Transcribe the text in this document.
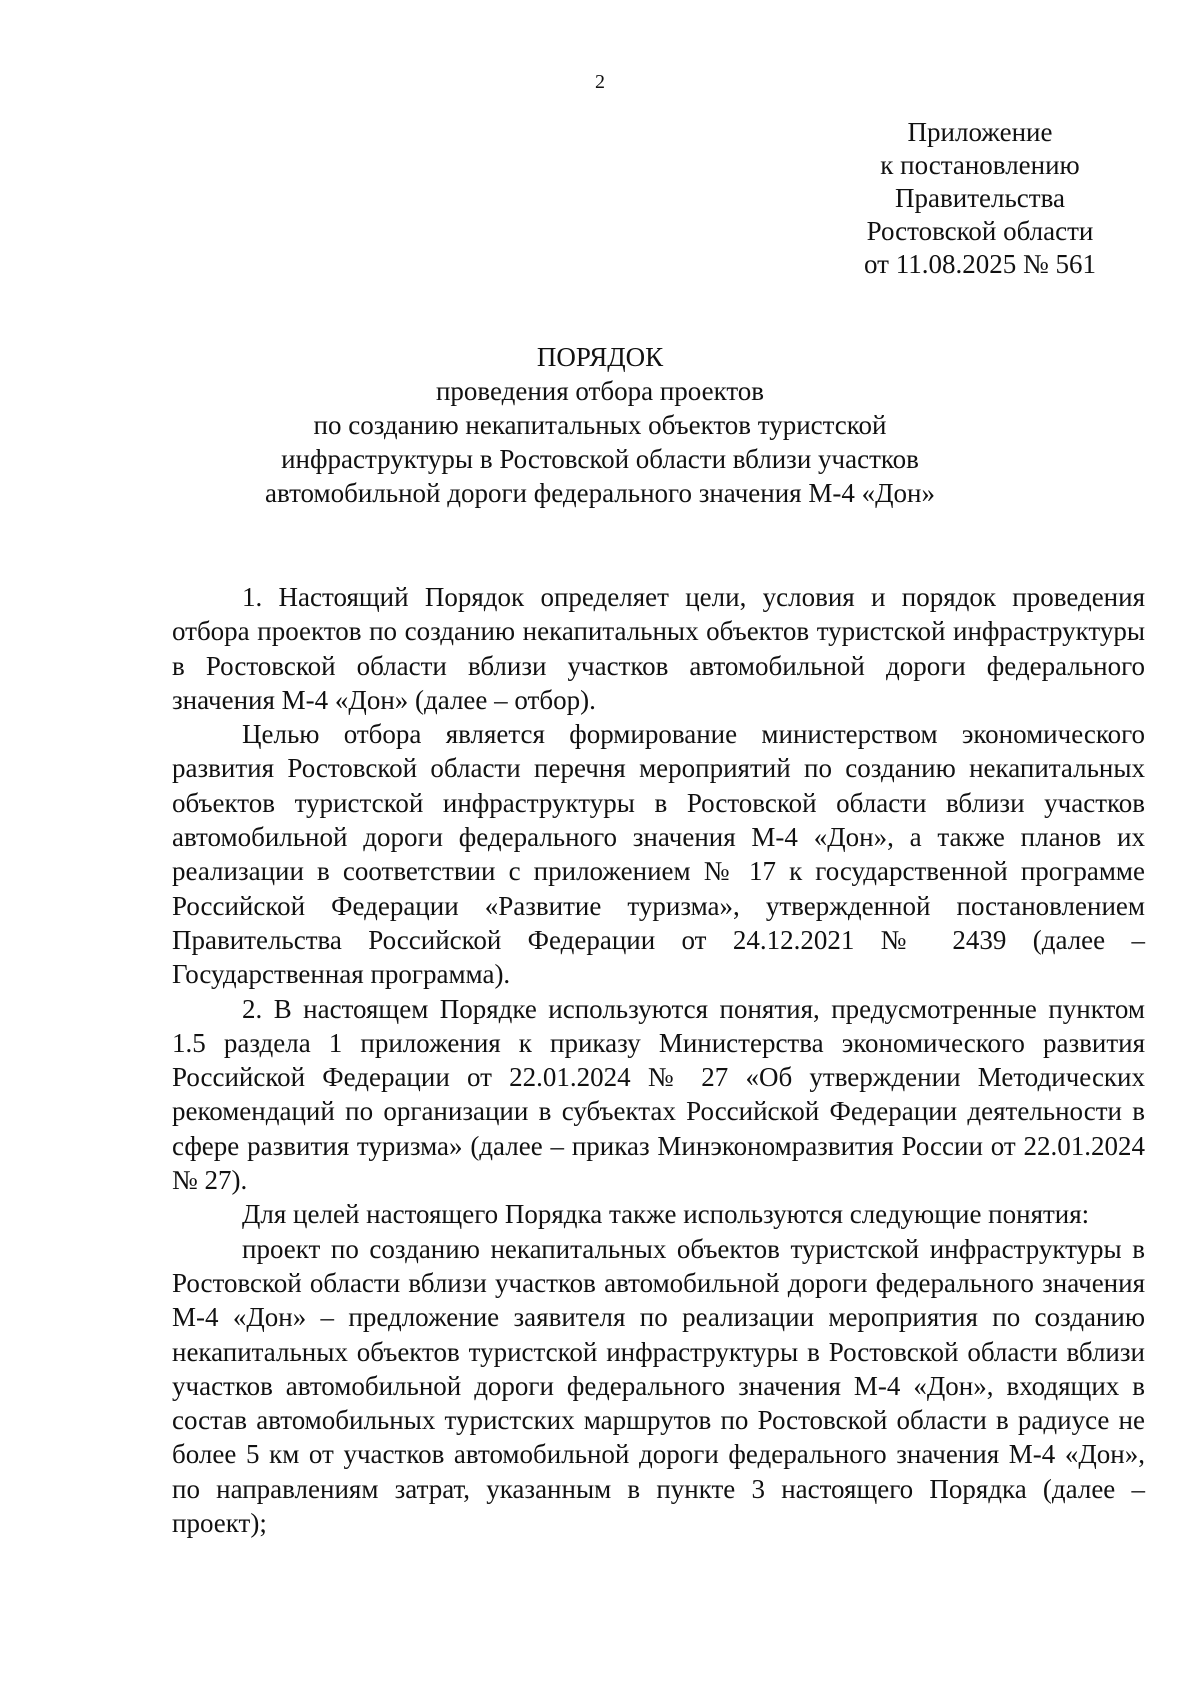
2
Приложение
к постановлению
Правительства
Ростовской области
от 11.08.2025 № 561
ПОРЯДОК
проведения отбора проектов
по созданию некапитальных объектов туристской
инфраструктуры в Ростовской области вблизи участков
автомобильной дороги федерального значения М-4 «Дон»

1. Настоящий Порядок определяет цели, условия и порядок проведения отбора проектов по созданию некапитальных объектов туристской инфраструктуры в Ростовской области вблизи участков автомобильной дороги федерального значения М-4 «Дон» (далее – отбор).

Целью отбора является формирование министерством экономического развития Ростовской области перечня мероприятий по созданию некапитальных объектов туристской инфраструктуры в Ростовской области вблизи участков автомобильной дороги федерального значения М-4 «Дон», а также планов их реализации в соответствии с приложением № 17 к государственной программе Российской Федерации «Развитие туризма», утвержденной постановлением Правительства Российской Федерации от 24.12.2021 № 2439 (далее – Государственная программа).

2. В настоящем Порядке используются понятия, предусмотренные пунктом 1.5 раздела 1 приложения к приказу Министерства экономического развития Российской Федерации от 22.01.2024 № 27 «Об утверждении Методических рекомендаций по организации в субъектах Российской Федерации деятельности в сфере развития туризма» (далее – приказ Минэкономразвития России от 22.01.2024 № 27).

Для целей настоящего Порядка также используются следующие понятия:

проект по созданию некапитальных объектов туристской инфраструктуры в Ростовской области вблизи участков автомобильной дороги федерального значения М-4 «Дон» – предложение заявителя по реализации мероприятия по созданию некапитальных объектов туристской инфраструктуры в Ростовской области вблизи участков автомобильной дороги федерального значения М-4 «Дон», входящих в состав автомобильных туристских маршрутов по Ростовской области в радиусе не более 5 км от участков автомобильной дороги федерального значения М-4 «Дон», по направлениям затрат, указанным в пункте 3 настоящего Порядка (далее – проект);
